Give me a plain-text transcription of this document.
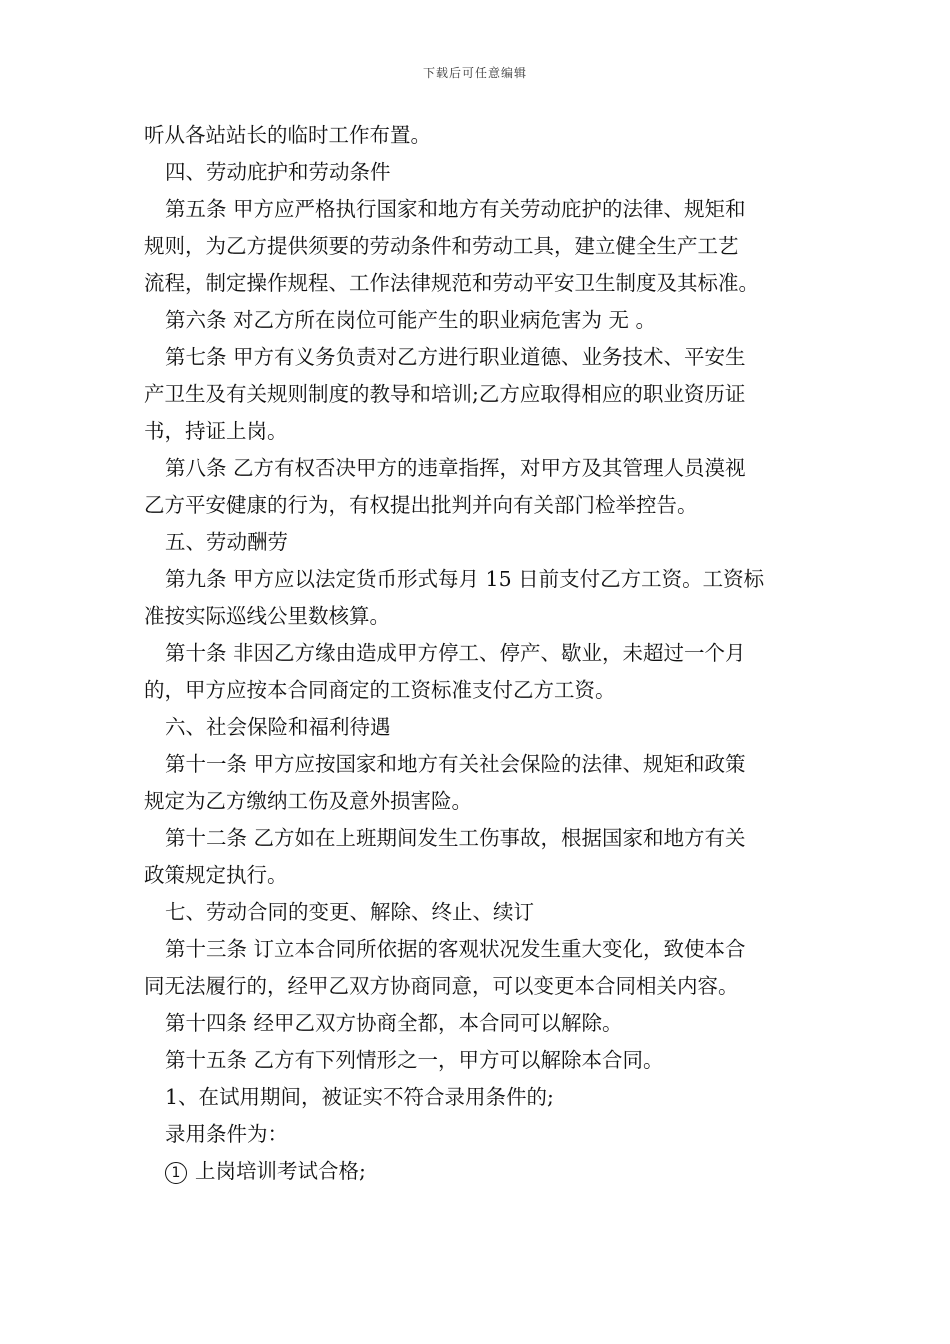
下载后可任意编辑
听从各站站长的临时工作布置。
四、劳动庇护和劳动条件
第五条 甲方应严格执行国家和地方有关劳动庇护的法律、规矩和
规则，为乙方提供须要的劳动条件和劳动工具，建立健全生产工艺
流程，制定操作规程、工作法律规范和劳动平安卫生制度及其标准。
第六条 对乙方所在岗位可能产生的职业病危害为 无 。
第七条 甲方有义务负责对乙方进行职业道德、业务技术、平安生
产卫生及有关规则制度的教导和培训;乙方应取得相应的职业资历证
书，持证上岗。
第八条 乙方有权否决甲方的违章指挥，对甲方及其管理人员漠视
乙方平安健康的行为，有权提出批判并向有关部门检举控告。
五、劳动酬劳
第九条 甲方应以法定货币形式每月 15 日前支付乙方工资。工资标
准按实际巡线公里数核算。
第十条 非因乙方缘由造成甲方停工、停产、歇业，未超过一个月
的，甲方应按本合同商定的工资标准支付乙方工资。
六、社会保险和福利待遇
第十一条 甲方应按国家和地方有关社会保险的法律、规矩和政策
规定为乙方缴纳工伤及意外损害险。
第十二条 乙方如在上班期间发生工伤事故，根据国家和地方有关
政策规定执行。
七、劳动合同的变更、解除、终止、续订
第十三条 订立本合同所依据的客观状况发生重大变化，致使本合
同无法履行的，经甲乙双方协商同意，可以变更本合同相关内容。
第十四条 经甲乙双方协商全都，本合同可以解除。
第十五条 乙方有下列情形之一，甲方可以解除本合同。
1、在试用期间，被证实不符合录用条件的;
录用条件为：
1 上岗培训考试合格;
